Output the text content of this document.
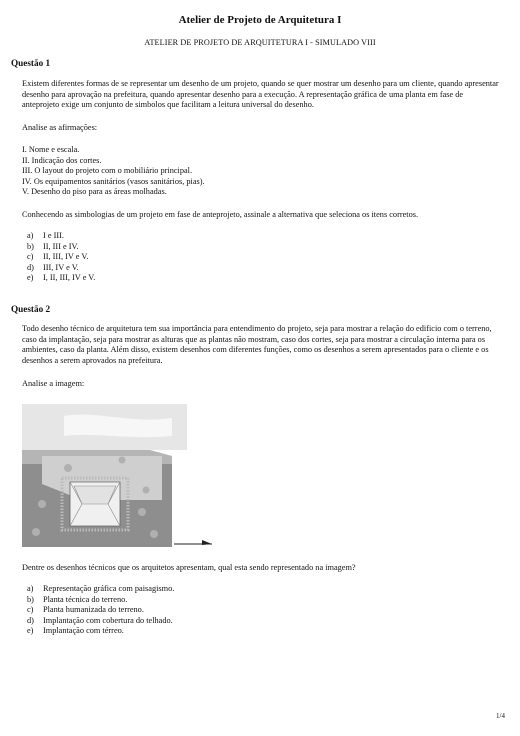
Atelier de Projeto de Arquitetura I
ATELIER DE PROJETO DE ARQUITETURA I - SIMULADO VIII
Questão 1
Existem diferentes formas de se representar um desenho de um projeto, quando se quer mostrar um desenho para um cliente, quando apresentar desenho para aprovação na prefeitura, quando apresentar desenho para a execução. A representação gráfica de uma planta em fase de anteprojeto exige um conjunto de simbolos que facilitam a leitura universal do desenho.
Analise as afirmações:
I. Nome e escala.
II. Indicação dos cortes.
III. O layout do projeto com o mobiliário principal.
IV. Os equipamentos sanitários (vasos sanitários, pias).
V. Desenho do piso para as áreas molhadas.
Conhecendo as simbologias de um projeto em fase de anteprojeto, assinale a alternativa que seleciona os itens corretos.
a) I e III.
b) II, III e IV.
c) II, III, IV e V.
d) III, IV e V.
e) I, II, III, IV e V.
Questão 2
Todo desenho técnico de arquitetura tem sua importância para entendimento do projeto, seja para mostrar a relação do edificio com o terreno, caso da implantação, seja para mostrar as alturas que as plantas não mostram, caso dos cortes, seja para mostrar a circulação interna para os ambientes, caso da planta. Além disso, existem desenhos com diferentes funções, como os desenhos a serem apresentados para o cliente e os desenhos a serem aprovados na prefeitura.
Analise a imagem:
Dentre os desenhos técnicos que os arquitetos apresentam, qual esta sendo representado na imagem?
a) Representação gráfica com paisagismo.
b) Planta técnica do terreno.
c) Planta humanizada do terreno.
d) Implantação com cobertura do telhado.
e) Implantação com térreo.
1/4
